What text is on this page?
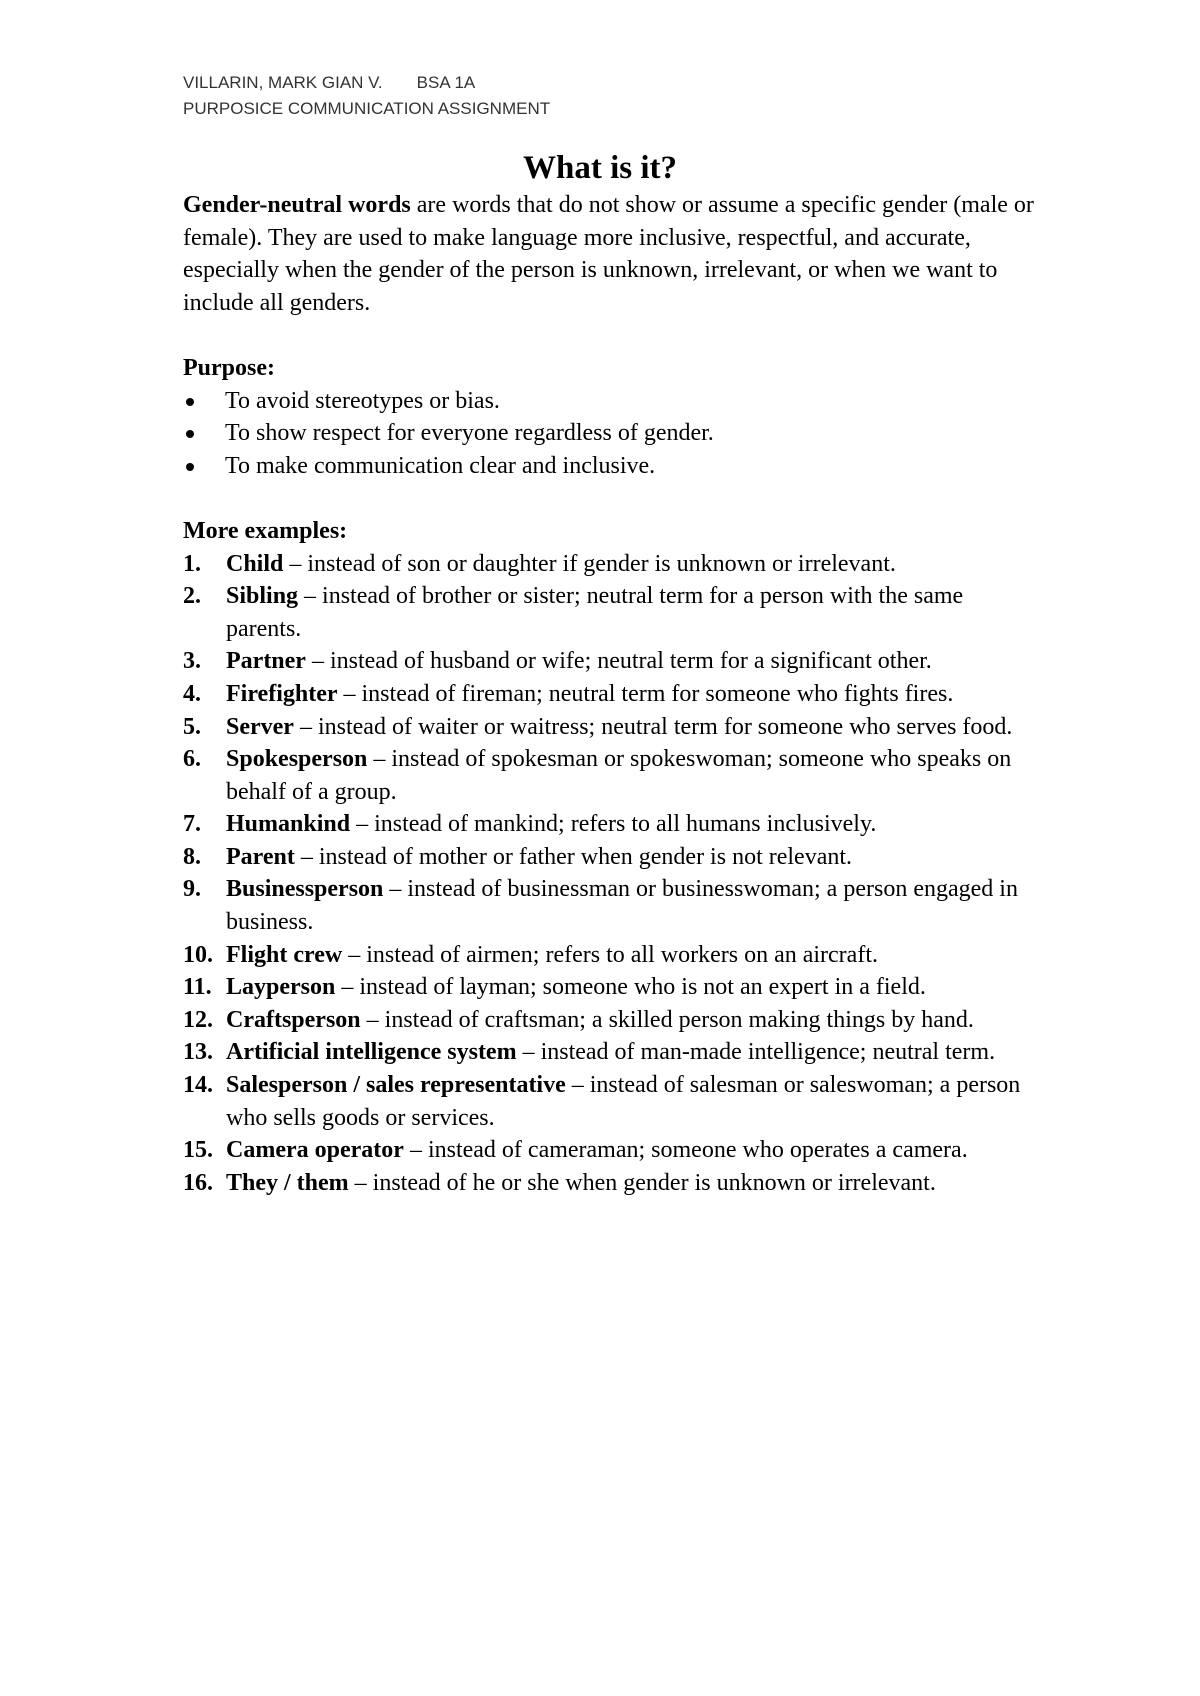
VILLARIN, MARK GIAN V. BSA 1A
PURPOSICE COMMUNICATION ASSIGNMENT
What is it?

Gender-neutral words are words that do not show or assume a specific gender (male or female). They are used to make language more inclusive, respectful, and accurate, especially when the gender of the person is unknown, irrelevant, or when we want to include all genders.

Purpose:

To avoid stereotypes or bias.
To show respect for everyone regardless of gender.
To make communication clear and inclusive.

More examples:

1. Child – instead of son or daughter if gender is unknown or irrelevant.
2. Sibling – instead of brother or sister; neutral term for a person with the same parents.
3. Partner – instead of husband or wife; neutral term for a significant other.
4. Firefighter – instead of fireman; neutral term for someone who fights fires.
5. Server – instead of waiter or waitress; neutral term for someone who serves food.
6. Spokesperson – instead of spokesman or spokeswoman; someone who speaks on behalf of a group.
7. Humankind – instead of mankind; refers to all humans inclusively.
8. Parent – instead of mother or father when gender is not relevant.
9. Businessperson – instead of businessman or businesswoman; a person engaged in business.
10. Flight crew – instead of airmen; refers to all workers on an aircraft.
11. Layperson – instead of layman; someone who is not an expert in a field.
12. Craftsperson – instead of craftsman; a skilled person making things by hand.
13. Artificial intelligence system – instead of man-made intelligence; neutral term.
14. Salesperson / sales representative – instead of salesman or saleswoman; a person who sells goods or services.
15. Camera operator – instead of cameraman; someone who operates a camera.
16. They / them – instead of he or she when gender is unknown or irrelevant.
